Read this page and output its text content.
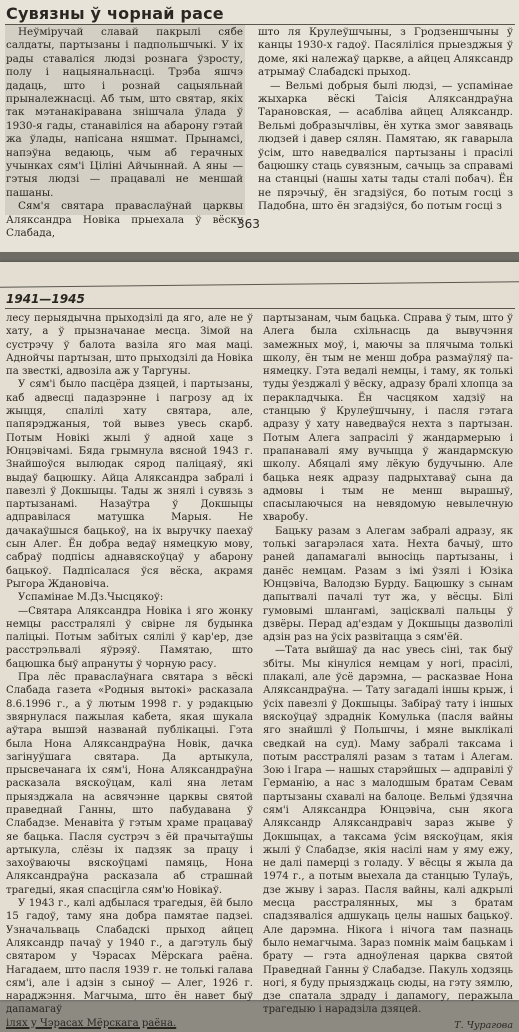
Сувязны ў чорнай расе

Неўміручай славай пакрылі сябе салдаты, партызаны і падпольшчыкі. У іх рады ставаліся людзі рознага ўзросту, полу і нацыянальнасці. Трэба яшчэ дадаць, што і рознай сацыяльнай прыналежнасці. Аб тым, што святар, якіх так мэтанакіравана знішчала ўлада ў 1930-я гады, станавіліся на абарону гэтай жа ўлады, напісана няшмат. Прынамсі, напэўна ведаюць, чым аб герачных учынках сям'і Ціліні Айчыннай. А яны — гэтыя людзі — працавалі не меншай пашаны.

Сям'я святара праваслаўнай царквы Аляксандра Новіка прыехала ў вёску Слабада,

што ля Крулеўшчыны, з Гродзеншчыны ў канцы 1930-х гадоў. Пасяліліся прыезджыя ў доме, які належаў царкве, а айцец Аляксандр атрымаў Слабадскі прыход.

— Вельмі добрыя былі людзі, — успамінае жыхарка вёскі Таісія Аляксандраўна Тарановская, — асаблівa айцец Аляксандр. Вельмі добразычлівы, ён хутка змог завяваць людзей і давер сялян. Памятаю, як гаварыла ўсім, што наведваліся партызаны і прасілі бацюшку стаць сувязным, сачыць за справамі на станцыі (нашы хаты тады сталі побач). Ён не пярэчыў, ён згадзіўся, бо потым госці з Падобна, што ён згадзіўся, бо потым госці з

363
1941—1945

лесу перыядычна прыходзілі да яго, але не ў хату, а ў прызначанае месца. Зімой на сустрэчу ў балота вазіла яго мая маці. Аднойчы партызан, што прыходзілі да Новіка па звесткі, адвозіла аж у Таргуны.

У сям'і было пасцёра дзяцей, і партызаны, каб адвесці падазрэнне і пагрозу ад іх жыцця, спалілі хату святара, але, папярэджаныя, той вывез увесь скарб. Потым Новікі жылі ў адной хаце з Юнцэвічамі. Бяда грымнула вясной 1943 г. Знайшоўся вылюдак сярод паліцаяў, які выдаў бацюшку. Айца Аляксандра забралі і павезлі ў Докшыцы. Тады ж знялі і сувязь з партызанамі. Назаўтра ў Докшыцы адправілася матушка Марыя. Не дачакаўшыся бацькоў, на іх выручку паехаў сын Алег. Ён добра ведаў нямецкую мову, сабраў подпісы аднавяскоўцаў у абарону бацькоў. Падпісалася ўся вёска, акрамя Рыгора Ждановіча.

Успамінае М.Дз.Чысцякоў:

—Святара Аляксандра Новіка і яго жонку немцы расстралялі ў свірне ля будынка паліцыі. Потым забітых сялілі ў кар'ер, дзе расстрэльвалі яўрэяў. Памятаю, што бацюшка быў апрануты ў чорную расу.

Пра лёс праваслаўнага святара з вёскі Слабада газета «Родныя вытокі» расказала 8.6.1996 г., а ў лютым 1998 г. у рэдакцыю звярнулася пажылая кабета, якая шукала аўтара вышэй названай публікацыі. Гэта была Нона Аляксандраўна Новік, дачка загінуўшага святара. Да артыкула, прысвечанага іх сям'і, Нона Аляксандраўна расказала вяскоўцам, калі яна летам прыязджала на асвячэнне царквы святой праведнай Ганны, што пабудавана ў Слабадзе. Менавіта ў гэтым храме працаваў яе бацька. Пасля сустрэч з ёй прачытаўшы артыкула, слёзы іх падзяк за працу і захоўваючы вяскоўцамі памяць, Нона Аляксандраўна расказала аб страшнай трагедыі, якая спасцігла сям'ю Новікаў.

У 1943 г., калі адбылася трагедыя, ёй было 15 гадоў, таму яна добра памятае падзеі. Узначальваць Слабадскі прыход айцец Аляксандр пачаў у 1940 г., а дагэтуль быў святаром у Чэрасах Мёрскага раёна. Нагадаем, што пасля 1939 г. не толькі галава сям'і, але і адзін з сыноў — Алег, 1926 г. нараджэння. Магчыма, што ён навет быў дапамагаў

ілях у Чэрасах Мёрскага раёна.

партызанам, чым бацька. Справа ў тым, што ў Алега была схільнасць да вывучэння замежных моў, і, маючы за плячыма толькі школу, ён тым не менш добра размаўляў па-нямецку. Гэта ведалі немцы, і таму, як толькі туды ўезджалі ў вёску, адразу бралі хлопца за перакладчыка. Ён часцяком хадзіў на станцыю ў Крулеўшчыну, і пасля гэтага адразу ў хату наведваўся нехта з партызан. Потым Алега запрасілі ў жандармерыю і прапанавалі яму вучыцца ў жандармскую школу. Абяцалі яму лёкую будучыню. Але бацька неяк адразу падрыхтаваў сына да адмовы і тым не менш вырашыў, спасылаючыся на невядомую невылечную хваробу.

Бацьку разам з Алегам забралі адразу, як толькі загарэлася хата. Нехта бачыў, што раней дапамагалі выносіць партызаны, і данёс немцам. Разам з імі ўзялі і Юзіка Юнцэвіча, Валодзю Бурду. Бацюшку з сынам дапытвалі пачалі тут жа, у вёсцы. Білі гумовымі шлангамі, зацісквалі пальцы ў дзвёры. Перад ад'ездам у Докшыцы дазволілі адзін раз на ўсіх развітацца з сям'ёй.

—Тата выйшаў да нас увесь сіні, так быў збіты. Мы кінуліся немцам у ногі, прасілі, плакалі, але ўсё дарэмна, — расказвае Нона Аляксандраўна. — Тату загадалі іншы крыж, і ўсіх павезлі ў Докшыцы. Забіраў тату і іншых вяскоўцаў здраднік Комулька (пасля вайны яго знайшлі ў Польшчы, і мяне выклікалі сведкай на суд). Маму забралі таксама і потым расстралялі разам з татам і Алегам. Зою і Ігара — нашых старэйшых — адправілі ў Германію, а нас з малодшым братам Севам партызаны схавалі на балоце. Вельмі ўдзячна сям'і Аляксандра Юнцэвіча, сын якога Аляксандр Аляксандравіч зараз жыве ў Докшыцах, а таксама ўсім вяскоўцам, якія жылі ў Слабадзе, якія насілі нам у яму ежу, не далі памерці з голаду. У вёсцы я жыла да 1974 г., а потым выехала да станцыю Тулаўь, дзе жыву і зараз. Пасля вайны, калі адкрылі месца расстралянных, мы з братам спадзяваліся адшукаць целы нашых бацькоў. Але дарэмна. Нікога і нічога там пазнаць было немагчыма. Зараз помнік маім бацькам і брату — гэта адноўленая царква святой Праведнай Ганны ў Слабадзе. Пакуль ходзяць ногі, я буду прыязджаць сюды, на гэту зямлю, дзе спатала здраду і дапамогу, перажыла трагедыю і нарадзіла дзяцей.

Т. Чурагова
